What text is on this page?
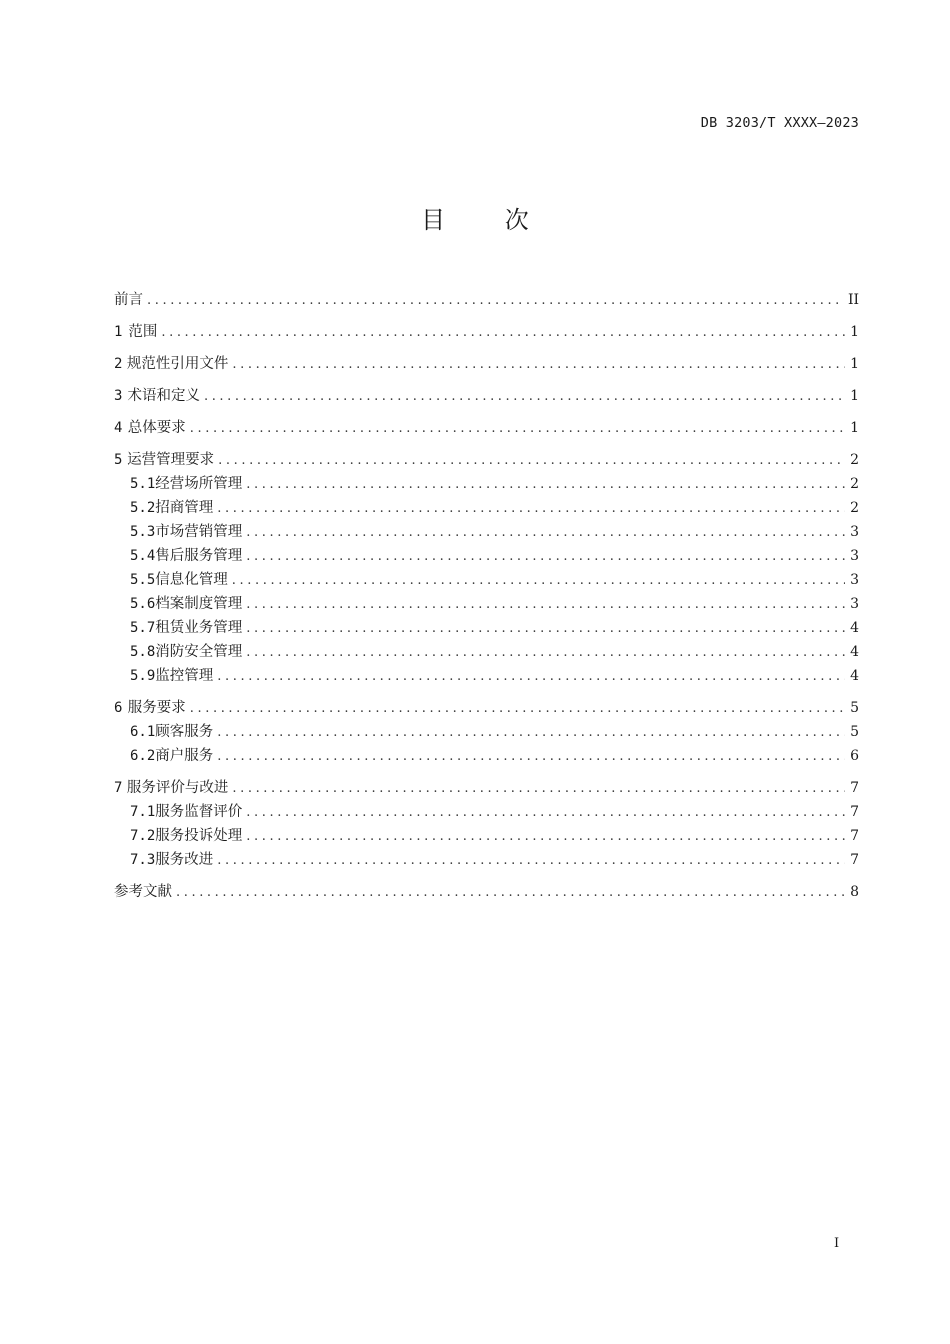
DB 3203/T XXXX—2023
目 次
前言 .....	II
1 范围 .....	1
2 规范性引用文件 .....	1
3 术语和定义 .....	1
4 总体要求 .....	1
5 运营管理要求 .....	2
5.1 经营场所管理 .....	2
5.2 招商管理 .....	2
5.3 市场营销管理 .....	3
5.4 售后服务管理 .....	3
5.5 信息化管理 .....	3
5.6 档案制度管理 .....	3
5.7 租赁业务管理 .....	4
5.8 消防安全管理 .....	4
5.9 监控管理 .....	4
6 服务要求 .....	5
6.1 顾客服务 .....	5
6.2 商户服务 .....	6
7 服务评价与改进 .....	7
7.1 服务监督评价 .....	7
7.2 服务投诉处理 .....	7
7.3 服务改进 .....	7
参考文献 .....	8
I
